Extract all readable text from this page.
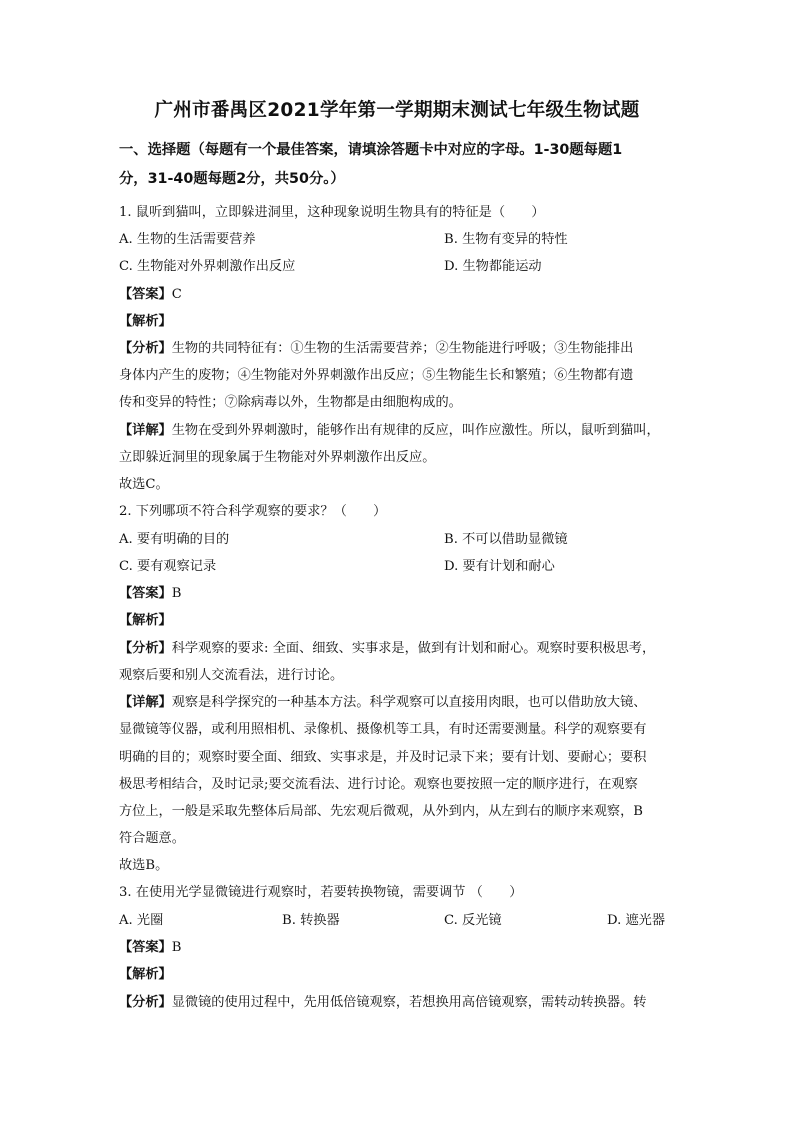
广州市番禺区2021学年第一学期期末测试七年级生物试题
一、选择题（每题有一个最佳答案，请填涂答题卡中对应的字母。1-30题每题1
分，31-40题每题2分，共50分。）
1. 鼠听到猫叫，立即躲进洞里，这种现象说明生物具有的特征是（　　）
A. 生物的生活需要营养	B. 生物有变异的特性
C. 生物能对外界刺激作出反应	D. 生物都能运动
【答案】C
【解析】
【分析】生物的共同特征有：①生物的生活需要营养；②生物能进行呼吸；③生物能排出
身体内产生的废物；④生物能对外界刺激作出反应；⑤生物能生长和繁殖；⑥生物都有遗
传和变异的特性；⑦除病毒以外，生物都是由细胞构成的。
【详解】生物在受到外界刺激时，能够作出有规律的反应，叫作应激性。所以，鼠听到猫叫，
立即躲近洞里的现象属于生物能对外界刺激作出反应。
故选C。
2. 下列哪项不符合科学观察的要求？（　　）
A. 要有明确的目的	B. 不可以借助显微镜
C. 要有观察记录	D. 要有计划和耐心
【答案】B
【解析】
【分析】科学观察的要求: 全面、细致、实事求是，做到有计划和耐心。观察时要积极思考，
观察后要和别人交流看法，进行讨论。
【详解】观察是科学探究的一种基本方法。科学观察可以直接用肉眼，也可以借助放大镜、
显微镜等仪器，或利用照相机、录像机、摄像机等工具，有时还需要测量。科学的观察要有
明确的目的；观察时要全面、细致、实事求是，并及时记录下来；要有计划、要耐心；要积
极思考相结合，及时记录;要交流看法、进行讨论。观察也要按照一定的顺序进行，在观察
方位上，一般是采取先整体后局部、先宏观后微观，从外到内，从左到右的顺序来观察，B
符合题意。
故选B。
3. 在使用光学显微镜进行观察时，若要转换物镜，需要调节 （　　）
A. 光圈	B. 转换器	C. 反光镜	D. 遮光器
【答案】B
【解析】
【分析】显微镜的使用过程中，先用低倍镜观察，若想换用高倍镜观察，需转动转换器。转
